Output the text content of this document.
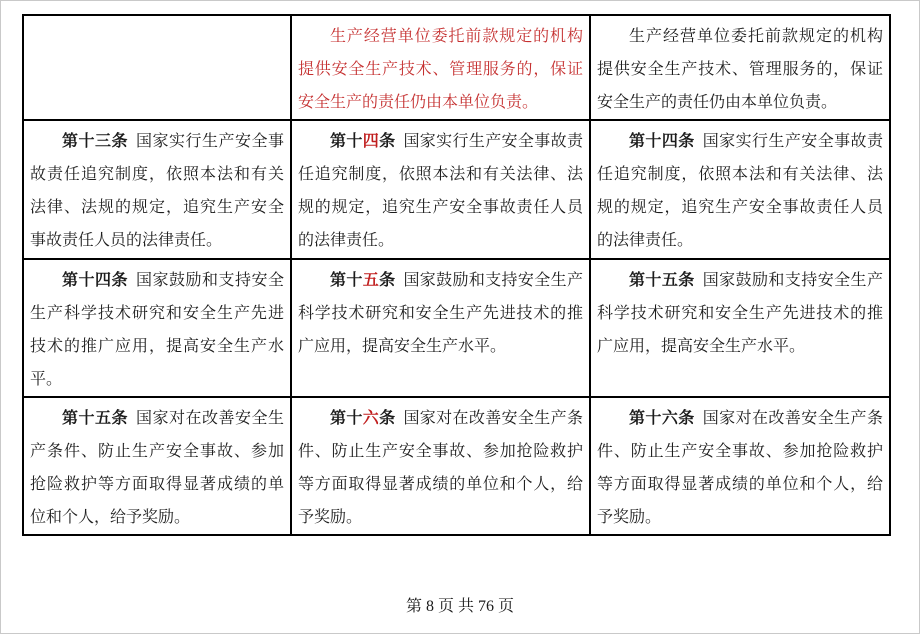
	生产经营单位委托前款规定的机构提供安全生产技术、管理服务的，保证安全生产的责任仍由本单位负责。	生产经营单位委托前款规定的机构提供安全生产技术、管理服务的，保证安全生产的责任仍由本单位负责。

第十三条 国家实行生产安全事故责任追究制度，依照本法和有关法律、法规的规定，追究生产安全事故责任人员的法律责任。	第十四条 国家实行生产安全事故责任追究制度，依照本法和有关法律、法规的规定，追究生产安全事故责任人员的法律责任。	第十四条 国家实行生产安全事故责任追究制度，依照本法和有关法律、法规的规定，追究生产安全事故责任人员的法律责任。

第十四条 国家鼓励和支持安全生产科学技术研究和安全生产先进技术的推广应用，提高安全生产水平。	第十五条 国家鼓励和支持安全生产科学技术研究和安全生产先进技术的推广应用，提高安全生产水平。	第十五条 国家鼓励和支持安全生产科学技术研究和安全生产先进技术的推广应用，提高安全生产水平。

第十五条 国家对在改善安全生产条件、防止生产安全事故、参加抢险救护等方面取得显著成绩的单位和个人，给予奖励。	第十六条 国家对在改善安全生产条件、防止生产安全事故、参加抢险救护等方面取得显著成绩的单位和个人，给予奖励。	第十六条 国家对在改善安全生产条件、防止生产安全事故、参加抢险救护等方面取得显著成绩的单位和个人，给予奖励。

第 8 页 共 76 页
